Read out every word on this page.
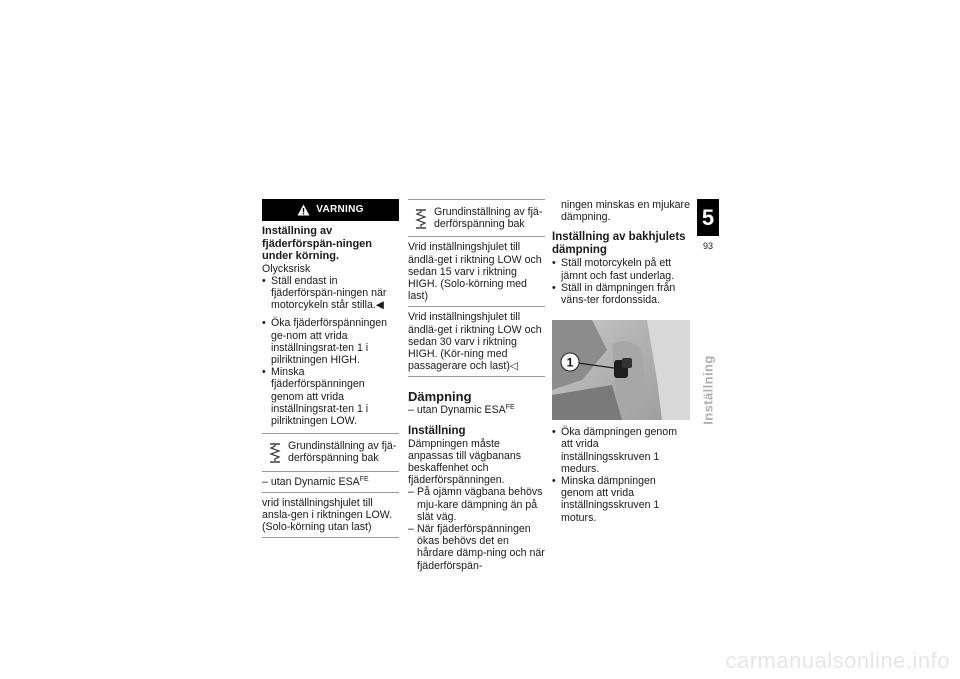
VARNING
Inställning av fjäderförspän-ningen under körning.
Olycksrisk
• Ställ endast in fjäderförspän-ningen när motorcykeln står stilla.◀
• Öka fjäderförspänningen ge-nom att vrida inställningsrat-ten 1 i pilriktningen HIGH.
• Minska fjäderförspänningen genom att vrida inställningsrat-ten 1 i pilriktningen LOW.
Grundinställning av fjä-derförspänning bak
– utan Dynamic $ESA^{FE}$
vrid inställningshjulet till ansla-gen i riktningen LOW. (Solo-körning utan last)
Grundinställning av fjä-derförspänning bak
Vrid inställningshjulet till ändlä-get i riktning LOW och sedan 15 varv i riktning HIGH. (Solo-körning med last)
Vrid inställningshjulet till ändlä-get i riktning LOW och sedan 30 varv i riktning HIGH. (Kör-ning med passagerare och last)◁
Dämpning
– utan Dynamic $ESA^{FE}$
Inställning
Dämpningen måste anpassas till vägbanans beskaffenhet och fjäderförspänningen.
– På ojämn vägbana behövs mju-kare dämpning än på slät väg.
– När fjäderförspänningen ökas behövs det en hårdare dämp-ning och när fjäderförspän-
ningen minskas en mjukare dämpning.
Inställning av bakhjulets dämpning
• Ställ motorcykeln på ett jämnt och fast underlag.
• Ställ in dämpningen från väns-ter fordonssida.
1
• Öka dämpningen genom att vrida inställningsskruven 1 medurs.
• Minska dämpningen genom att vrida inställningsskruven 1 moturs.
5
93
Inställning
carmanualsonline.info
